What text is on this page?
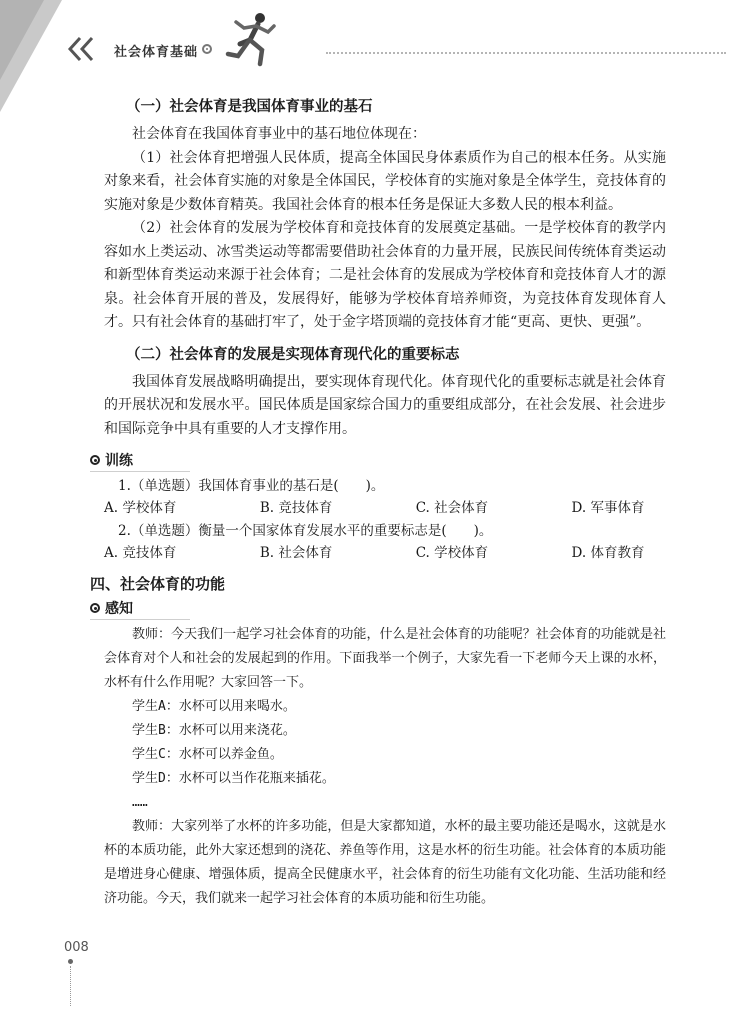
社会体育基础
（一）社会体育是我国体育事业的基石

社会体育在我国体育事业中的基石地位体现在：

（1）社会体育把增强人民体质，提高全体国民身体素质作为自己的根本任务。从实施对象来看，社会体育实施的对象是全体国民，学校体育的实施对象是全体学生，竞技体育的实施对象是少数体育精英。我国社会体育的根本任务是保证大多数人民的根本利益。

（2）社会体育的发展为学校体育和竞技体育的发展奠定基础。一是学校体育的教学内容如水上类运动、冰雪类运动等都需要借助社会体育的力量开展，民族民间传统体育类运动和新型体育类运动来源于社会体育；二是社会体育的发展成为学校体育和竞技体育人才的源泉。社会体育开展的普及，发展得好，能够为学校体育培养师资，为竞技体育发现体育人才。只有社会体育的基础打牢了，处于金字塔顶端的竞技体育才能“更高、更快、更强”。

（二）社会体育的发展是实现体育现代化的重要标志

我国体育发展战略明确提出，要实现体育现代化。体育现代化的重要标志就是社会体育的开展状况和发展水平。国民体质是国家综合国力的重要组成部分，在社会发展、社会进步和国际竞争中具有重要的人才支撑作用。

训练
1.（单选题）我国体育事业的基石是(　　)。
A. 学校体育	B. 竞技体育	C. 社会体育	D. 军事体育
2.（单选题）衡量一个国家体育发展水平的重要标志是(　　)。
A. 竞技体育	B. 社会体育	C. 学校体育	D. 体育教育
四、社会体育的功能
感知

教师：今天我们一起学习社会体育的功能，什么是社会体育的功能呢？社会体育的功能就是社会体育对个人和社会的发展起到的作用。下面我举一个例子，大家先看一下老师今天上课的水杯，水杯有什么作用呢？大家回答一下。

学生A：水杯可以用来喝水。

学生B：水杯可以用来浇花。

学生C：水杯可以养金鱼。

学生D：水杯可以当作花瓶来插花。

……

教师：大家列举了水杯的许多功能，但是大家都知道，水杯的最主要功能还是喝水，这就是水杯的本质功能，此外大家还想到的浇花、养鱼等作用，这是水杯的衍生功能。社会体育的本质功能是增进身心健康、增强体质，提高全民健康水平，社会体育的衍生功能有文化功能、生活功能和经济功能。今天，我们就来一起学习社会体育的本质功能和衍生功能。

008
